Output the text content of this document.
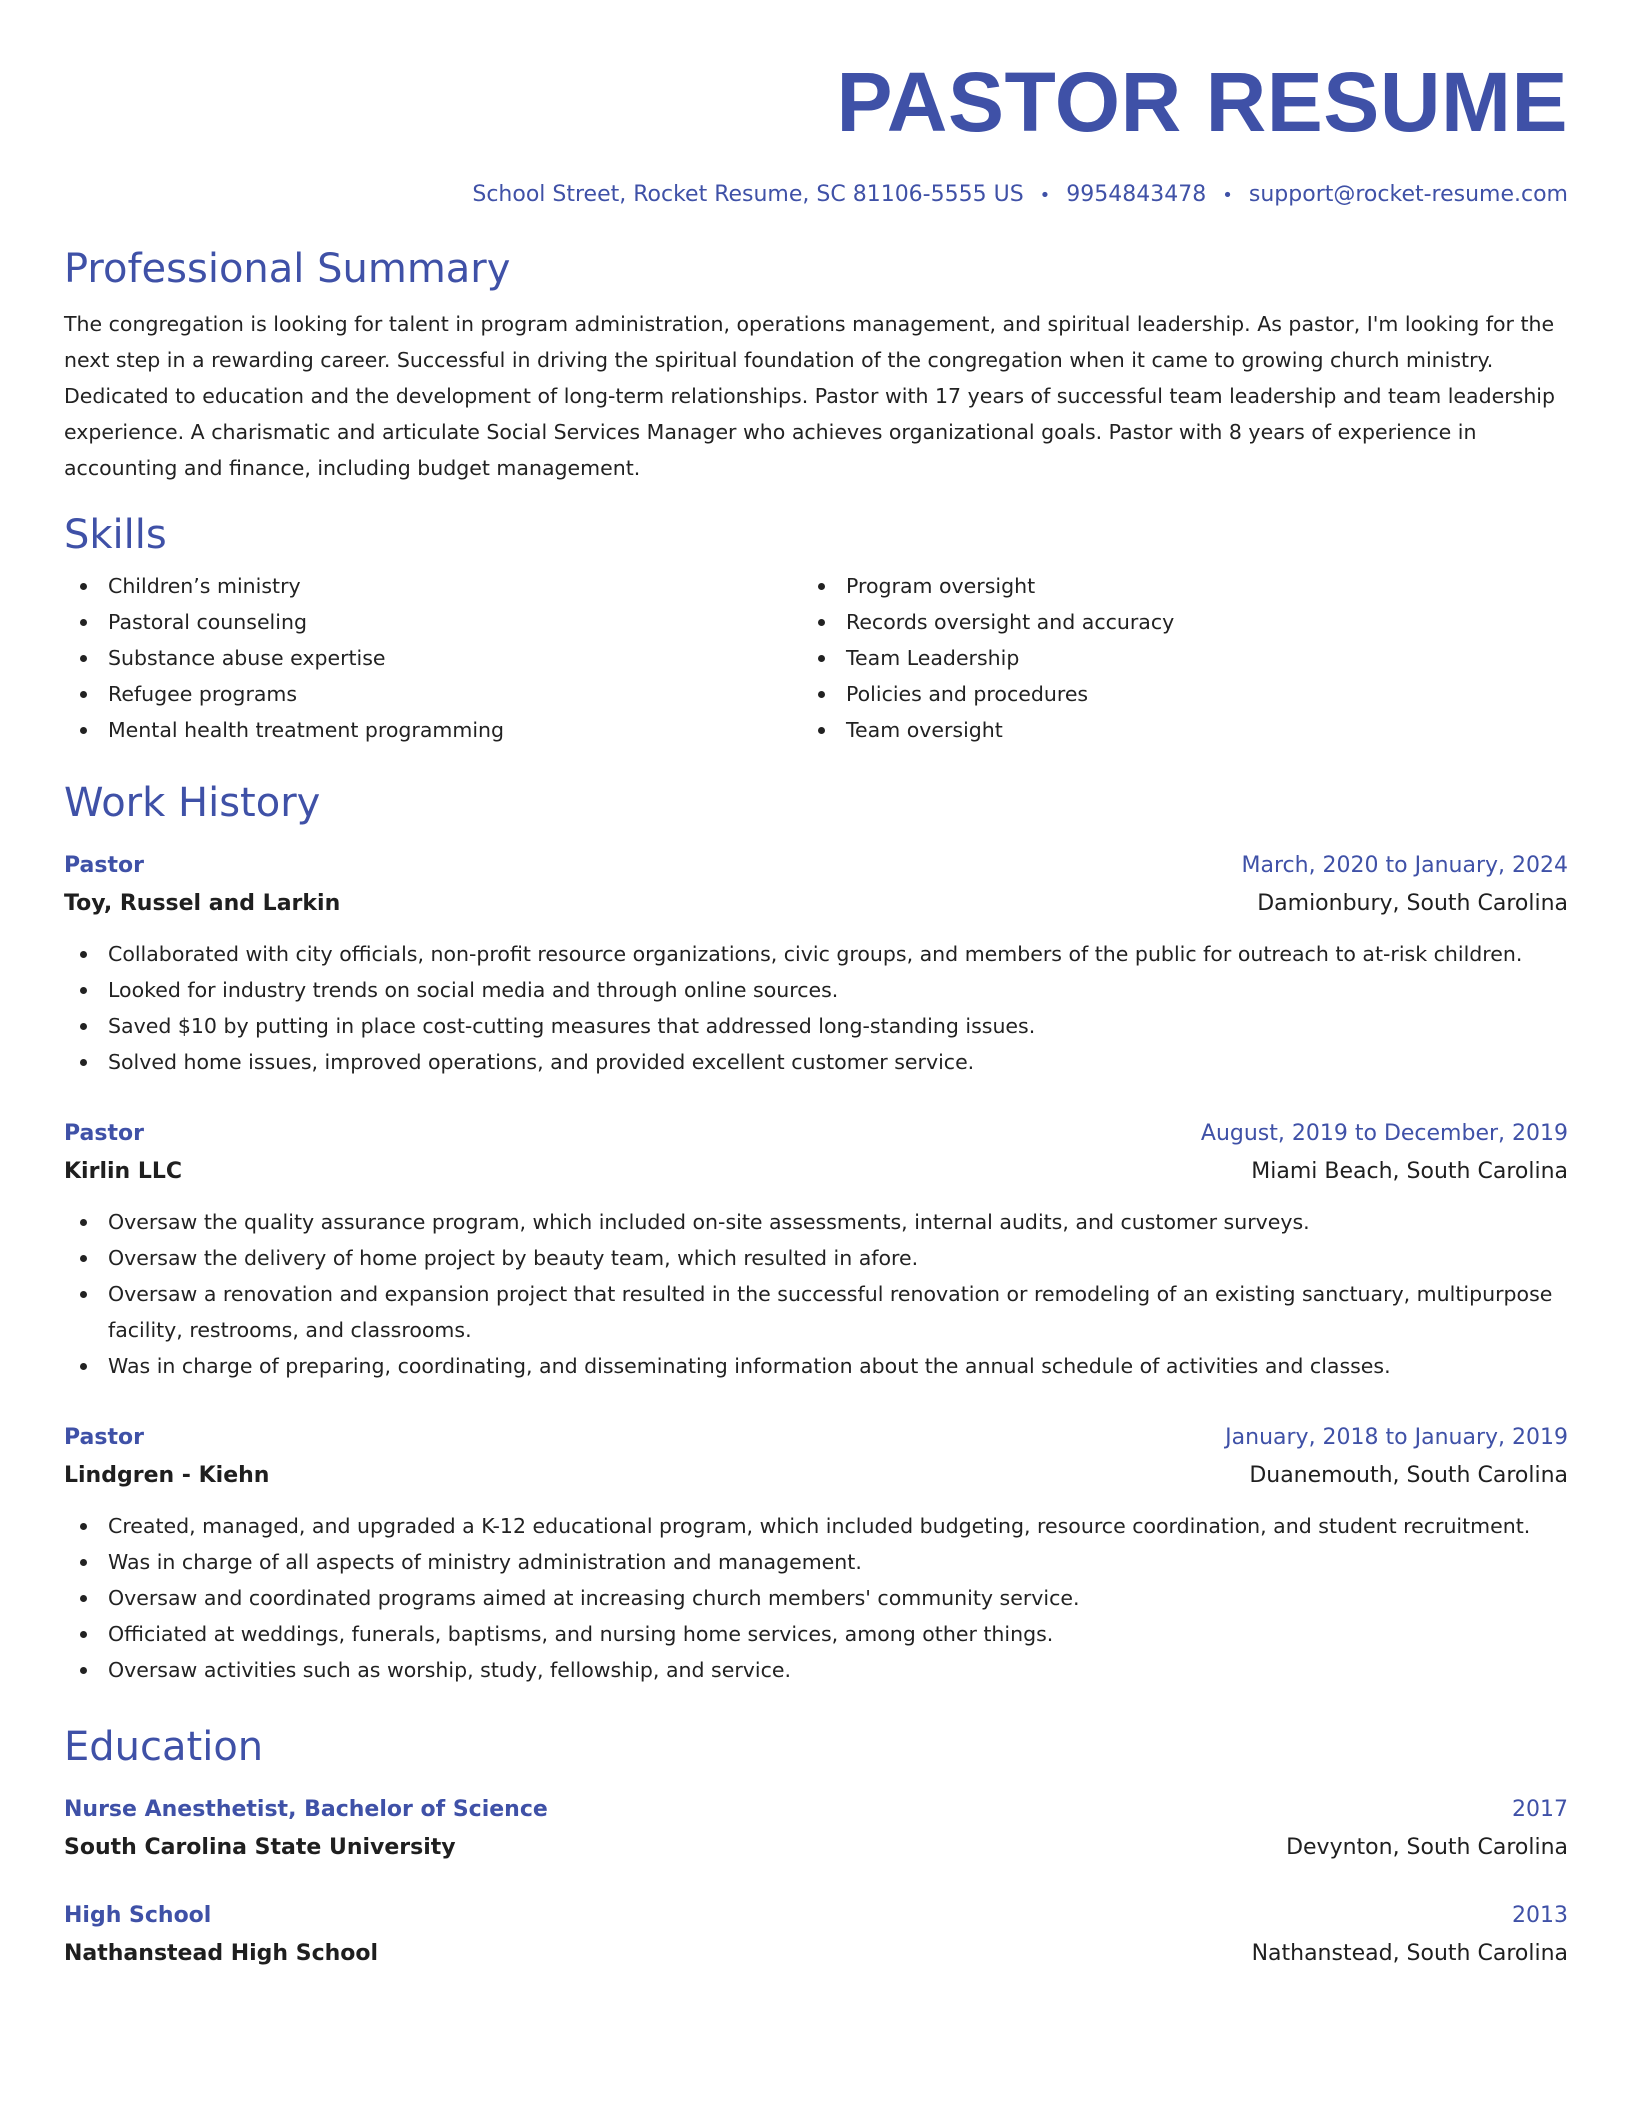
PASTOR RESUME
School Street, Rocket Resume, SC 81106-5555 US • 9954843478 • support@rocket-resume.com
Professional Summary

The congregation is looking for talent in program administration, operations management, and spiritual leadership. As pastor, I'm looking for the next step in a rewarding career. Successful in driving the spiritual foundation of the congregation when it came to growing church ministry. Dedicated to education and the development of long-term relationships. Pastor with 17 years of successful team leadership and team leadership experience. A charismatic and articulate Social Services Manager who achieves organizational goals. Pastor with 8 years of experience in accounting and finance, including budget management.

Skills
Children’s ministry
Pastoral counseling
Substance abuse expertise
Refugee programs
Mental health treatment programming
Program oversight
Records oversight and accuracy
Team Leadership
Policies and procedures
Team oversight
Work History
Pastor	March, 2020 to January, 2024
Toy, Russel and Larkin	Damionbury, South Carolina
Collaborated with city officials, non-profit resource organizations, civic groups, and members of the public for outreach to at-risk children.
Looked for industry trends on social media and through online sources.
Saved $10 by putting in place cost-cutting measures that addressed long-standing issues.
Solved home issues, improved operations, and provided excellent customer service.
Pastor	August, 2019 to December, 2019
Kirlin LLC	Miami Beach, South Carolina
Oversaw the quality assurance program, which included on-site assessments, internal audits, and customer surveys.
Oversaw the delivery of home project by beauty team, which resulted in afore.
Oversaw a renovation and expansion project that resulted in the successful renovation or remodeling of an existing sanctuary, multipurpose facility, restrooms, and classrooms.
Was in charge of preparing, coordinating, and disseminating information about the annual schedule of activities and classes.
Pastor	January, 2018 to January, 2019
Lindgren - Kiehn	Duanemouth, South Carolina
Created, managed, and upgraded a K-12 educational program, which included budgeting, resource coordination, and student recruitment.
Was in charge of all aspects of ministry administration and management.
Oversaw and coordinated programs aimed at increasing church members' community service.
Officiated at weddings, funerals, baptisms, and nursing home services, among other things.
Oversaw activities such as worship, study, fellowship, and service.
Education
Nurse Anesthetist, Bachelor of Science	2017
South Carolina State University	Devynton, South Carolina
High School	2013
Nathanstead High School	Nathanstead, South Carolina
